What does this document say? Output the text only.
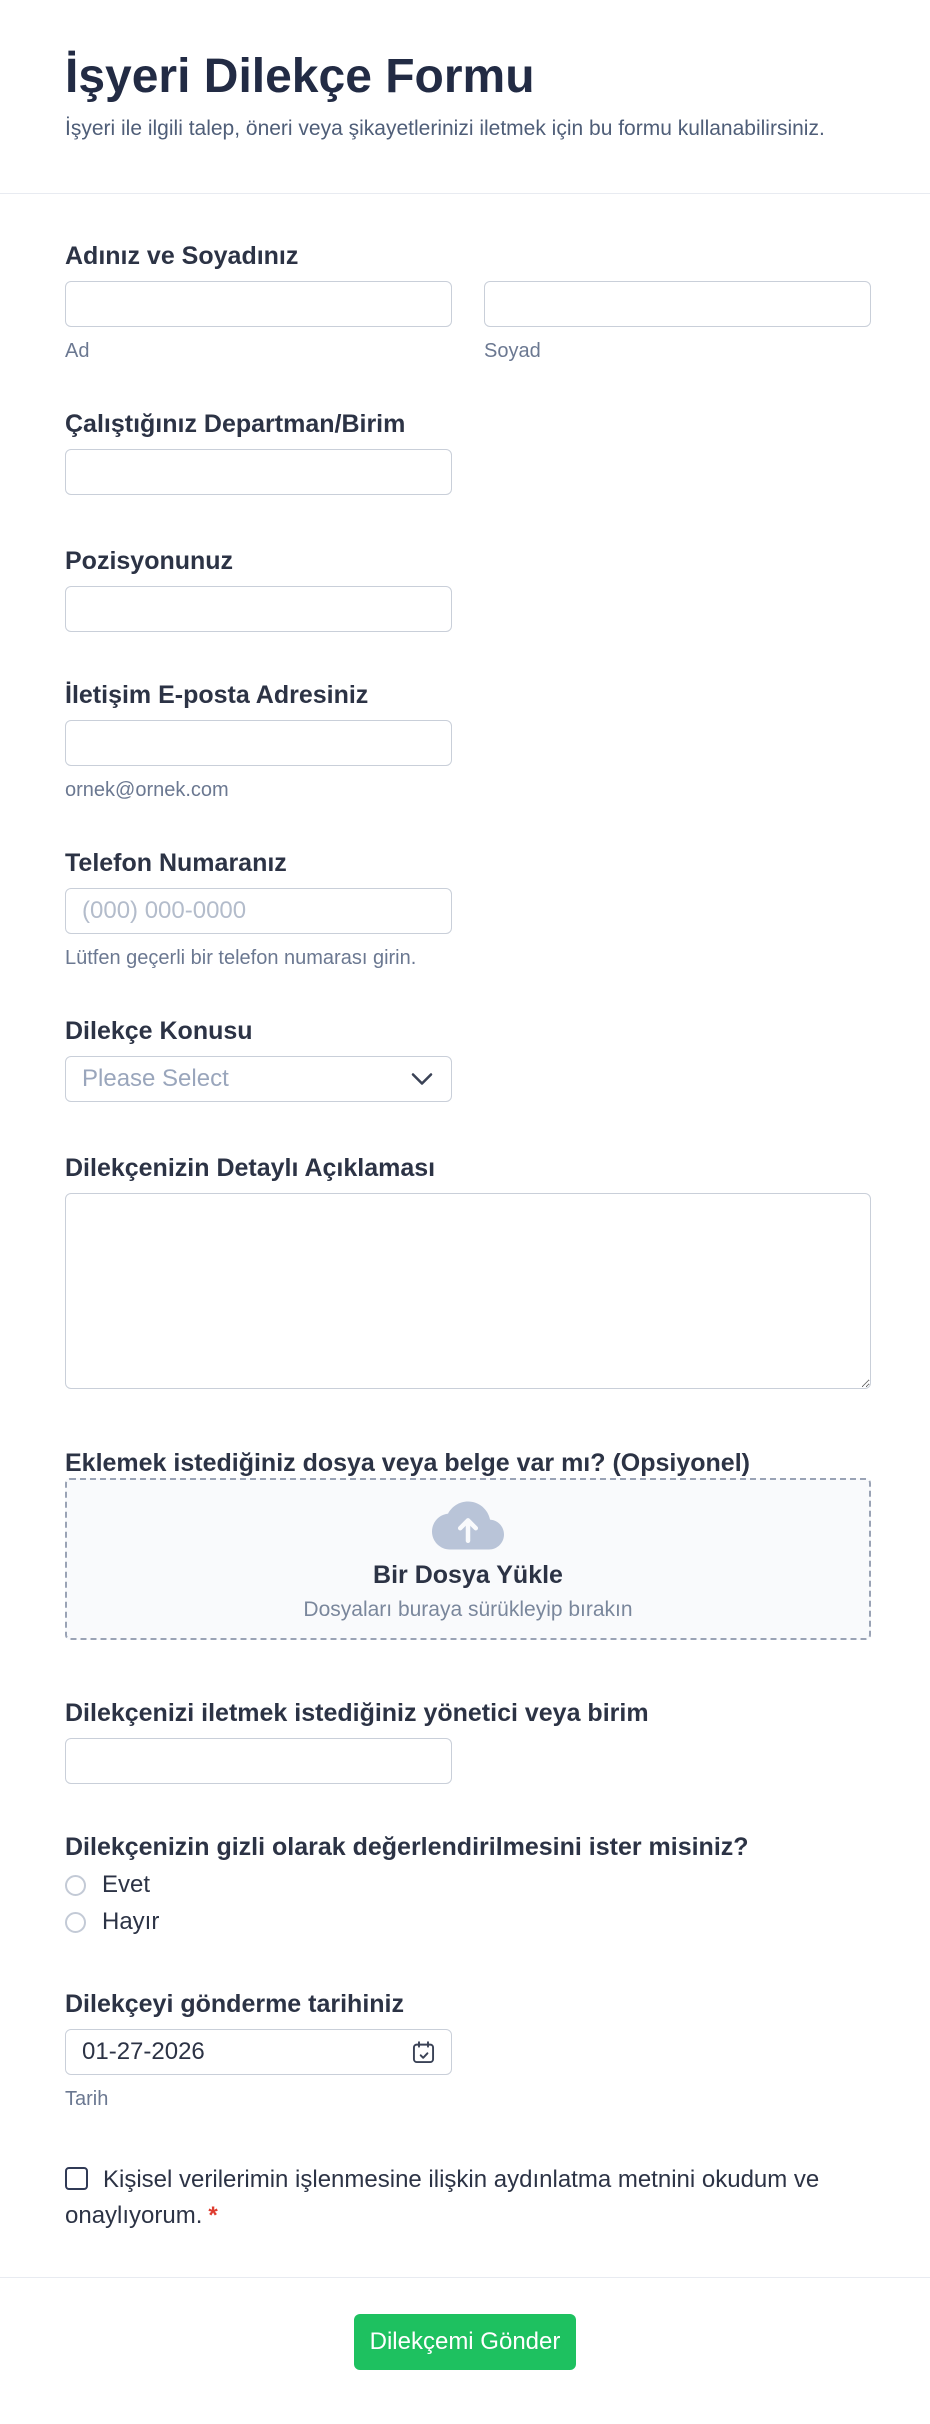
İşyeri Dilekçe Formu

İşyeri ile ilgili talep, öneri veya şikayetlerinizi iletmek için bu formu kullanabilirsiniz.

Adınız ve Soyadınız
Ad	Soyad
Çalıştığınız Departman/Birim
Pozisyonunuz
İletişim E-posta Adresiniz
ornek@ornek.com
Telefon Numaranız
(000) 000-0000
Lütfen geçerli bir telefon numarası girin.
Dilekçe Konusu
Please Select
Dilekçenizin Detaylı Açıklaması
Eklemek istediğiniz dosya veya belge var mı? (Opsiyonel)
Bir Dosya Yükle
Dosyaları buraya sürükleyip bırakın
Dilekçenizi iletmek istediğiniz yönetici veya birim
Dilekçenizin gizli olarak değerlendirilmesini ister misiniz?
Evet
Hayır
Dilekçeyi gönderme tarihiniz
01-27-2026
Tarih
Kişisel verilerimin işlenmesine ilişkin aydınlatma metnini okudum ve onaylıyorum. *
Dilekçemi Gönder
